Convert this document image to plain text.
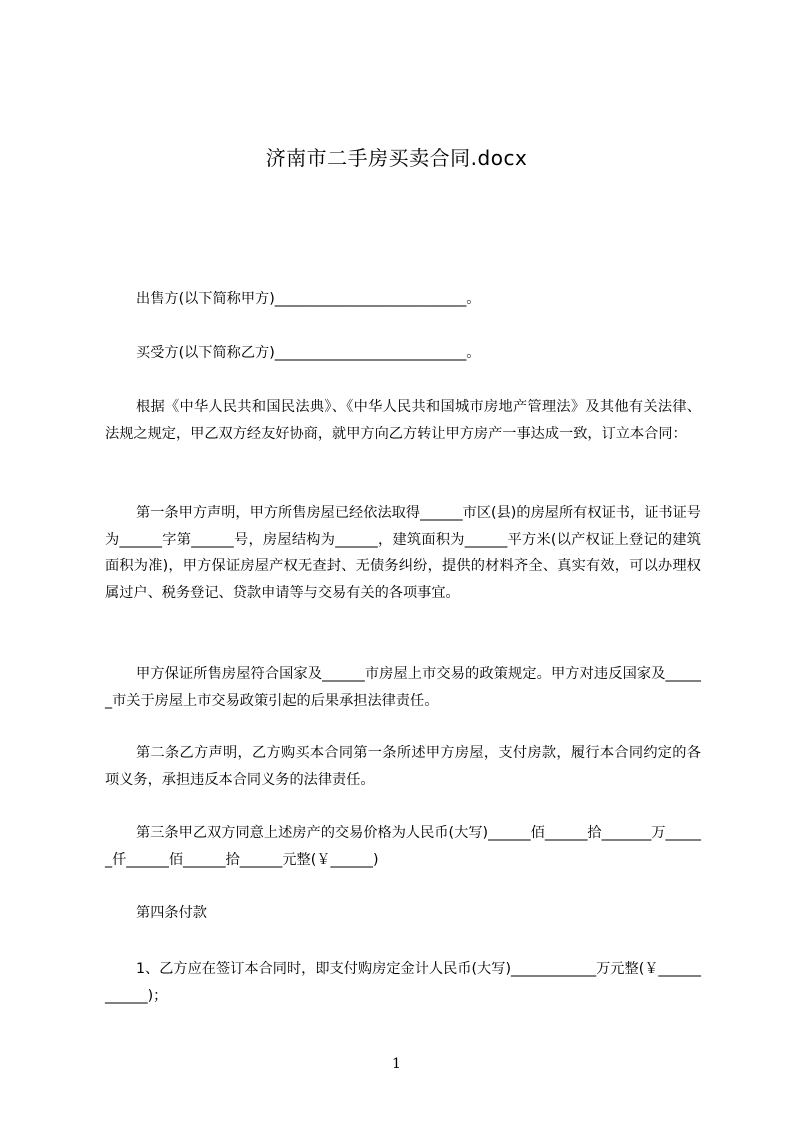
济南市二手房买卖合同.docx

出售方(以下简称甲方)___________________________。

买受方(以下简称乙方)___________________________。

根据《中华人民共和国民法典》、《中华人民共和国城市房地产管理法》及其他有关法律、法规之规定，甲乙双方经友好协商，就甲方向乙方转让甲方房产一事达成一致，订立本合同：

第一条甲方声明，甲方所售房屋已经依法取得______市区(县)的房屋所有权证书，证书证号为______字第______号，房屋结构为______，建筑面积为______平方米(以产权证上登记的建筑面积为准)，甲方保证房屋产权无查封、无债务纠纷，提供的材料齐全、真实有效，可以办理权属过户、税务登记、贷款申请等与交易有关的各项事宜。

甲方保证所售房屋符合国家及______市房屋上市交易的政策规定。甲方对违反国家及______市关于房屋上市交易政策引起的后果承担法律责任。

第二条乙方声明，乙方购买本合同第一条所述甲方房屋，支付房款，履行本合同约定的各项义务，承担违反本合同义务的法律责任。

第三条甲乙双方同意上述房产的交易价格为人民币(大写)______佰______拾_______万______仟______佰______拾______元整(￥______)

第四条付款

1、乙方应在签订本合同时，即支付购房定金计人民币(大写)____________万元整(￥____________)；

1
